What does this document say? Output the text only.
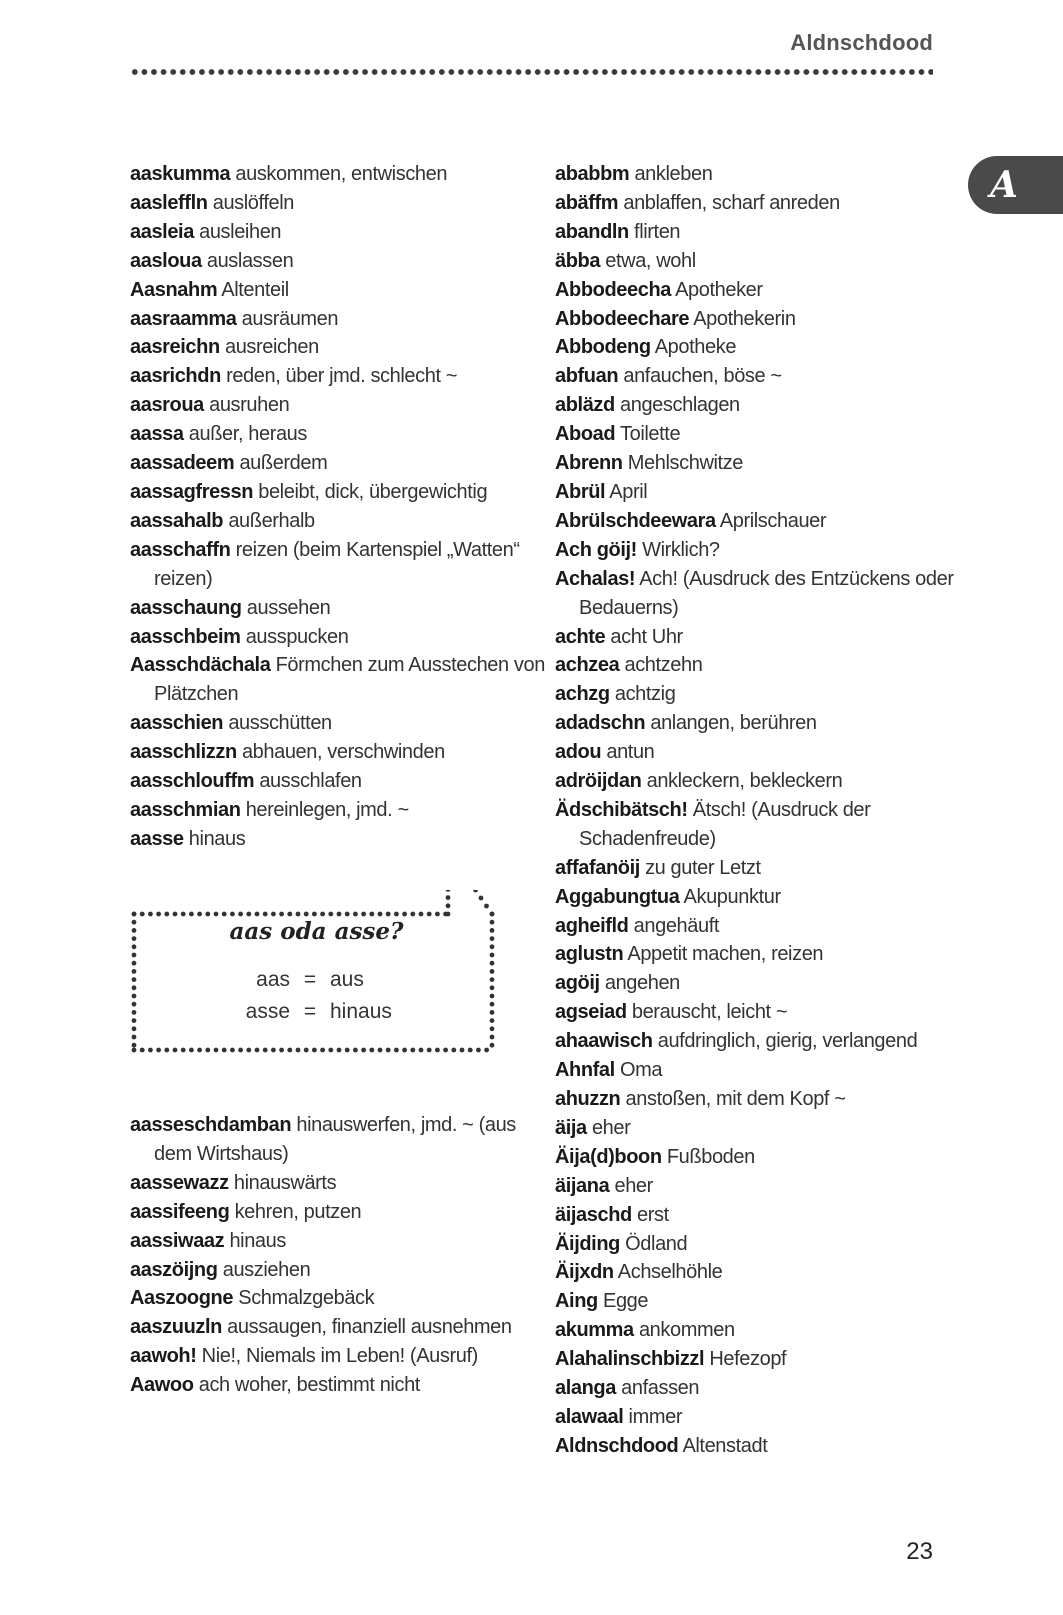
Aldnschdood
A
aaskumma auskommen, entwischen
aasleffln auslöffeln
aasleia ausleihen
aasloua auslassen
Aasnahm Altenteil
aasraamma ausräumen
aasreichn ausreichen
aasrichdn reden, über jmd. schlecht ~
aasroua ausruhen
aassa außer, heraus
aassadeem außerdem
aassagfressn beleibt, dick, übergewichtig
aassahalb außerhalb
aasschaffn reizen (beim Kartenspiel „Watten“ reizen)
aasschaung aussehen
aasschbeim ausspucken
Aasschdächala Förmchen zum Ausstechen von Plätzchen
aasschien ausschütten
aasschlizzn abhauen, verschwinden
aasschlouffm ausschlafen
aasschmian hereinlegen, jmd. ~
aasse hinaus
aas oda asse?
aas = aus
asse = hinaus
aasseschdamban hinauswerfen, jmd. ~ (aus dem Wirtshaus)
aassewazz hinauswärts
aassifeeng kehren, putzen
aassiwaaz hinaus
aaszöijng ausziehen
Aaszoogne Schmalzgebäck
aaszuuzln aussaugen, finanziell ausnehmen
aawoh! Nie!, Niemals im Leben! (Ausruf)
Aawoo ach woher, bestimmt nicht
ababbm ankleben
abäffm anblaffen, scharf anreden
abandln flirten
äbba etwa, wohl
Abbodeecha Apotheker
Abbodeechare Apothekerin
Abbodeng Apotheke
abfuan anfauchen, böse ~
abläzd angeschlagen
Aboad Toilette
Abrenn Mehlschwitze
Abrül April
Abrülschdeewara Aprilschauer
Ach göij! Wirklich?
Achalas! Ach! (Ausdruck des Entzückens oder Bedauerns)
achte acht Uhr
achzea achtzehn
achzg achtzig
adadschn anlangen, berühren
adou antun
adröijdan ankleckern, bekleckern
Ädschibätsch! Ätsch! (Ausdruck der Schadenfreude)
affafanöij zu guter Letzt
Aggabungtua Akupunktur
agheifld angehäuft
aglustn Appetit machen, reizen
agöij angehen
agseiad berauscht, leicht ~
ahaawisch aufdringlich, gierig, verlangend
Ahnfal Oma
ahuzzn anstoßen, mit dem Kopf ~
äija eher
Äija(d)boon Fußboden
äijana eher
äijaschd erst
Äijding Ödland
Äijxdn Achselhöhle
Aing Egge
akumma ankommen
Alahalinschbizzl Hefezopf
alanga anfassen
alawaal immer
Aldnschdood Altenstadt
23
